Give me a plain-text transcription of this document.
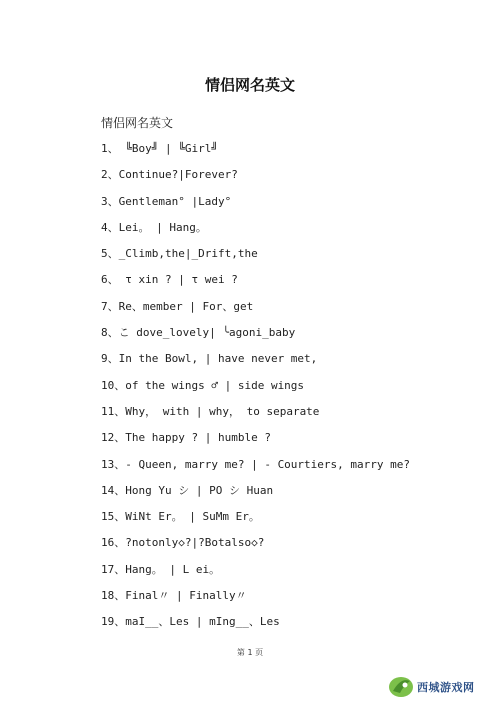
情侣网名英文
情侣网名英文
1、 ╚Boy╝ | ╚Girl╝
2、Continue?|Forever?
3、Gentleman° |Lady°
4、Lei。 | Hang。
5、_Climb,the|_Drift,the
6、 τ xin ? | τ wei ?
7、Re、member | For、get
8、こ dove_lovely| ╰agoni_baby
9、In the Bowl, | have never met,
10、of the wings ♂ | side wings
11、Why， with | why， to separate
12、The happy ? | humble ?
13、- Queen, marry me? | - Courtiers, marry me?
14、Hong Yu シ | PO シ Huan
15、WiNt Er。 | SuMm Er。
16、?notonly◇?|?Botalso◇?
17、Hang。 | L ei。
18、Final〃 | Finally〃
19、maI__、Les | mIng__、Les
第 1 页
西城游戏网
